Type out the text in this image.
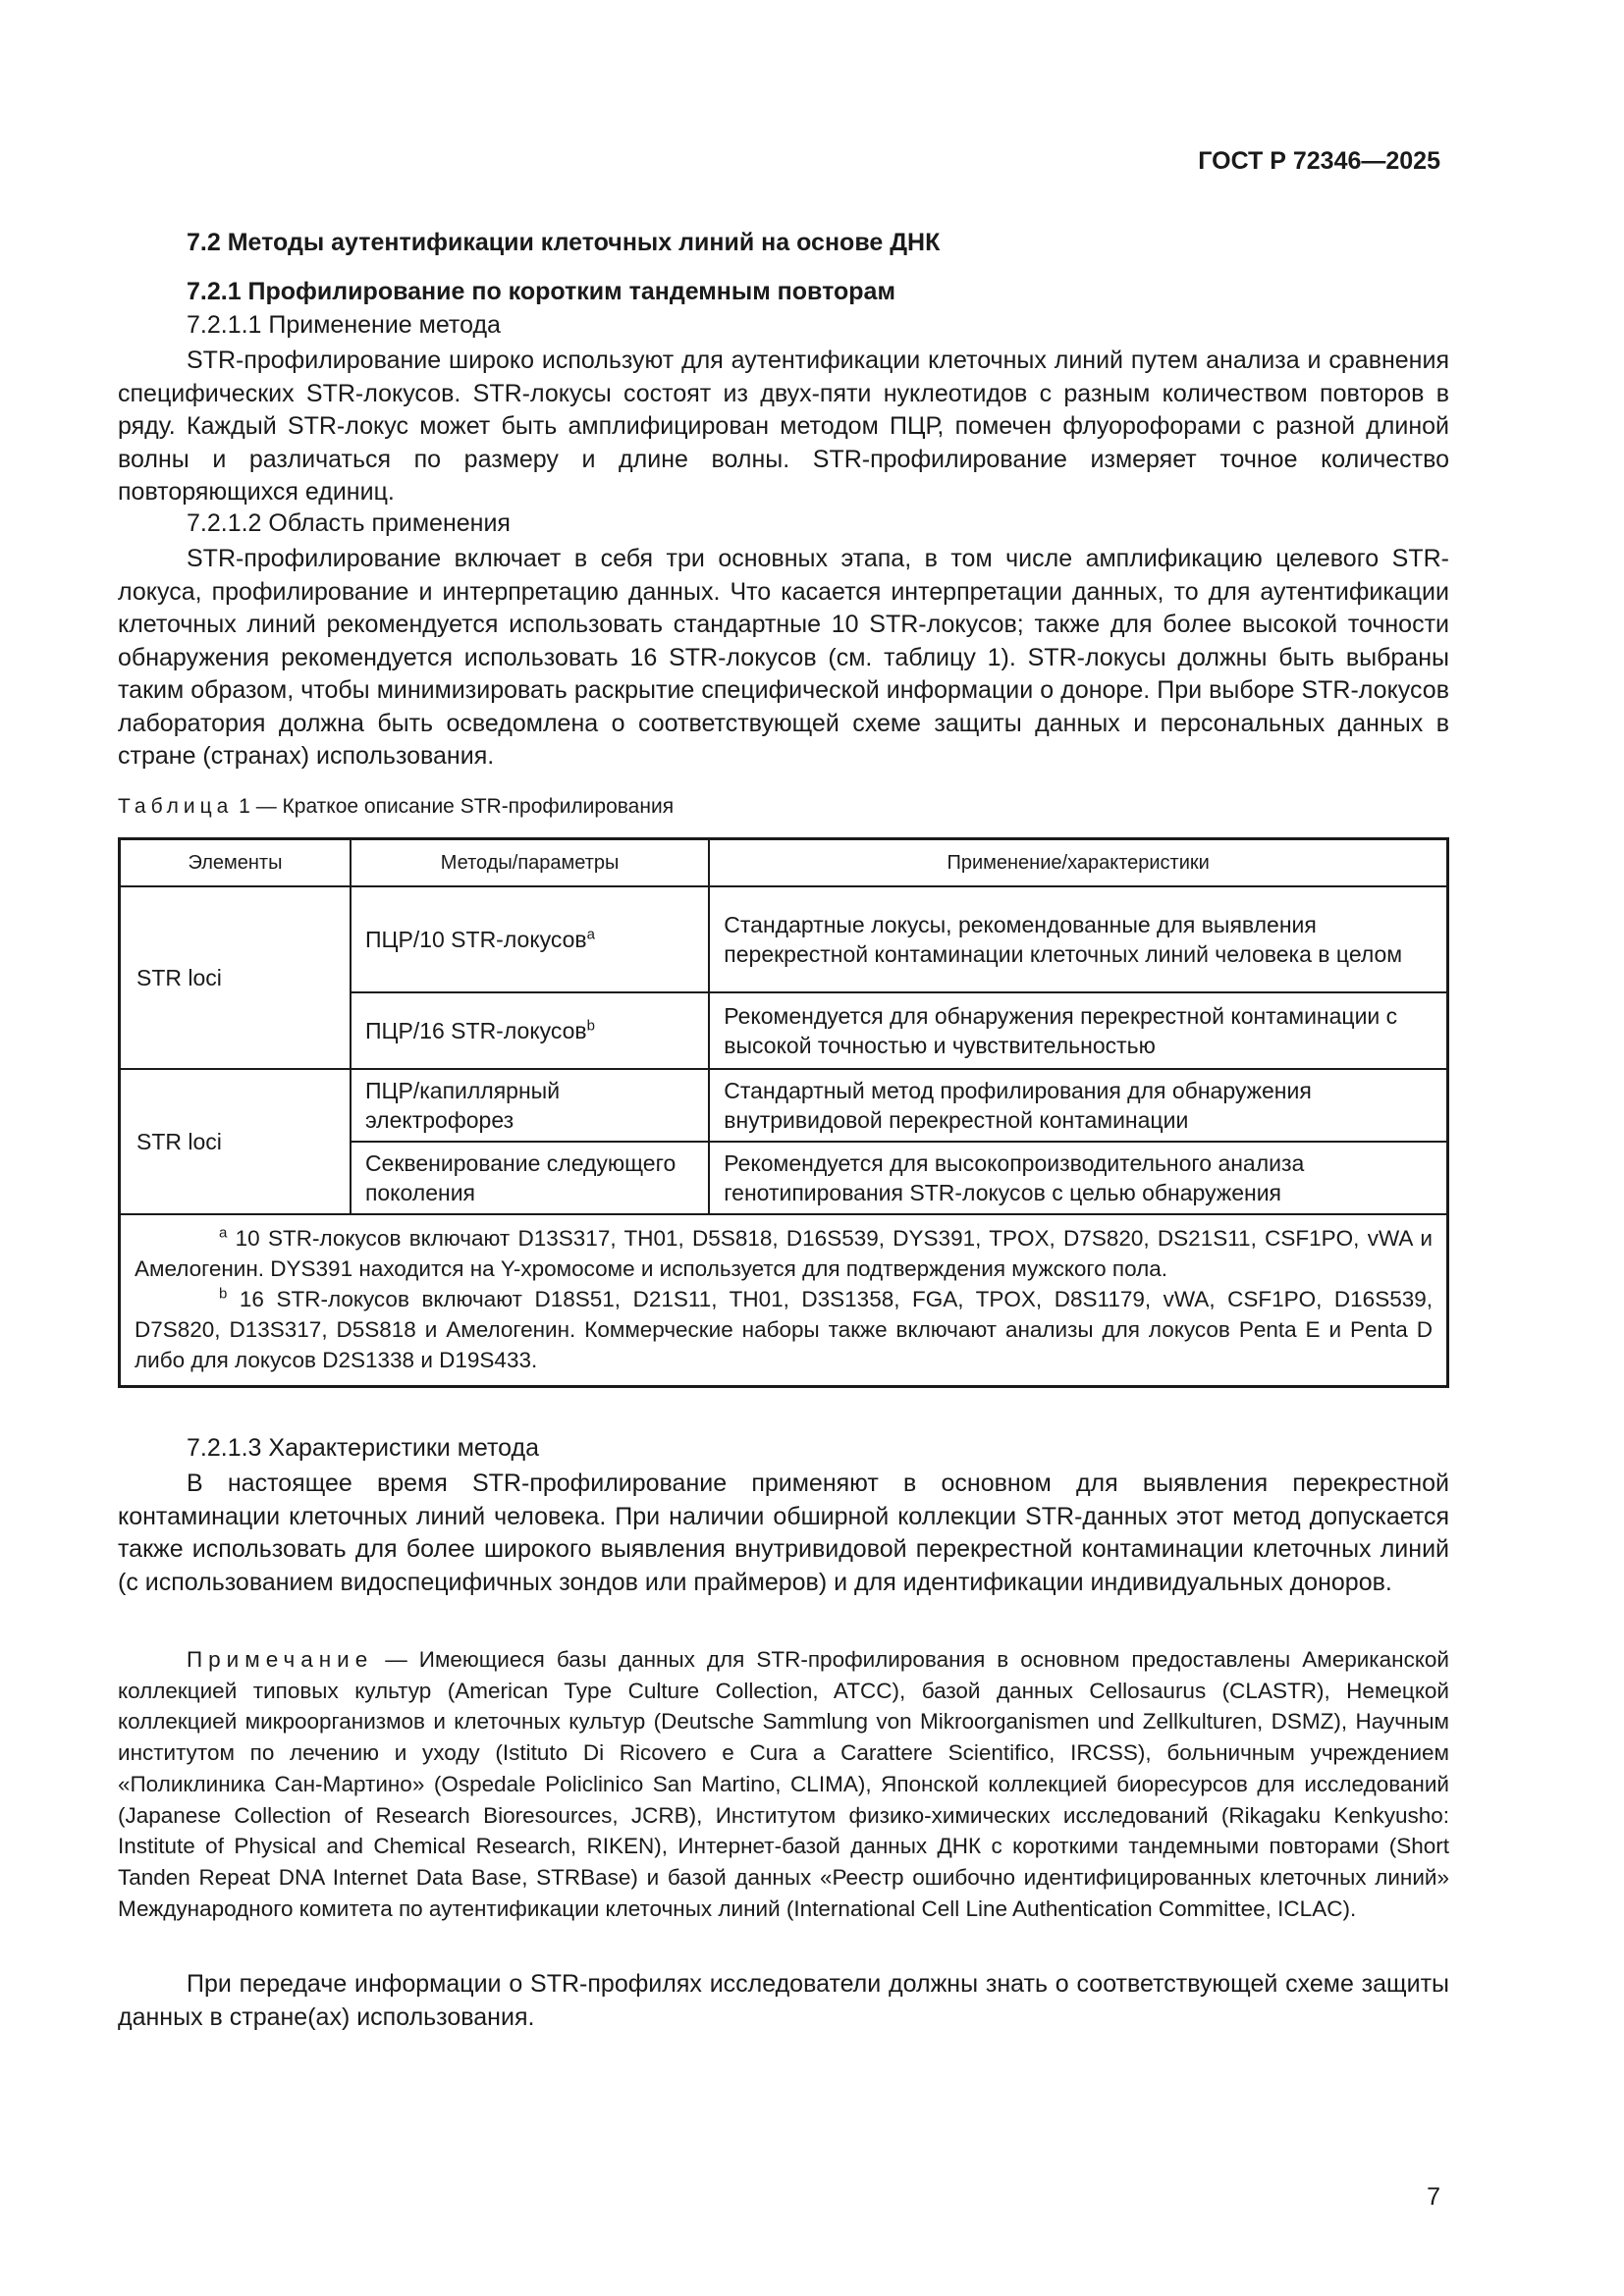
ГОСТ Р 72346—2025
7.2 Методы аутентификации клеточных линий на основе ДНК
7.2.1 Профилирование по коротким тандемным повторам
7.2.1.1 Применение метода

STR-профилирование широко используют для аутентификации клеточных линий путем анализа и сравнения специфических STR-локусов. STR-локусы состоят из двух-пяти нуклеотидов с разным количеством повторов в ряду. Каждый STR-локус может быть амплифицирован методом ПЦР, помечен флуорофорами с разной длиной волны и различаться по размеру и длине волны. STR-профилирование измеряет точное количество повторяющихся единиц.

7.2.1.2 Область применения

STR-профилирование включает в себя три основных этапа, в том числе амплификацию целевого STR-локуса, профилирование и интерпретацию данных. Что касается интерпретации данных, то для аутентификации клеточных линий рекомендуется использовать стандартные 10 STR-локусов; также для более высокой точности обнаружения рекомендуется использовать 16 STR-локусов (см. таблицу 1). STR-локусы должны быть выбраны таким образом, чтобы минимизировать раскрытие специфической информации о доноре. При выборе STR-локусов лаборатория должна быть осведомлена о соответствующей схеме защиты данных и персональных данных в стране (странах) использования.

Таблица 1 — Краткое описание STR-профилирования
Элементы	Методы/параметры	Применение/характеристики
STR loci	ПЦР/10 STR-локусов$^a$	Стандартные локусы, рекомендованные для выявления перекрестной контаминации клеточных линий человека в целом
	ПЦР/16 STR-локусов$^b$	Рекомендуется для обнаружения перекрестной контаминации с высокой точностью и чувствительностью
STR loci	ПЦР/капиллярный электрофорез	Стандартный метод профилирования для обнаружения внутривидовой перекрестной контаминации
	Секвенирование следующего поколения	Рекомендуется для высокопроизводительного анализа генотипирования STR-локусов с целью обнаружения

$^a$ 10 STR-локусов включают D13S317, TH01, D5S818, D16S539, DYS391, TPOX, D7S820, DS21S11, CSF1PO, vWA и Амелогенин. DYS391 находится на Y-хромосоме и используется для подтверждения мужского пола.
$^b$ 16 STR-локусов включают D18S51, D21S11, TH01, D3S1358, FGA, TPOX, D8S1179, vWA, CSF1PO, D16S539, D7S820, D13S317, D5S818 и Амелогенин. Коммерческие наборы также включают анализы для локусов Penta E и Penta D либо для локусов D2S1338 и D19S433.		
7.2.1.3 Характеристики метода

В настоящее время STR-профилирование применяют в основном для выявления перекрестной контаминации клеточных линий человека. При наличии обширной коллекции STR-данных этот метод допускается также использовать для более широкого выявления внутривидовой перекрестной контаминации клеточных линий (с использованием видоспецифичных зондов или праймеров) и для идентификации индивидуальных доноров.

Примечание — Имеющиеся базы данных для STR-профилирования в основном предоставлены Американской коллекцией типовых культур (American Type Culture Collection, ATCC), базой данных Cellosaurus (CLASTR), Немецкой коллекцией микроорганизмов и клеточных культур (Deutsche Sammlung von Mikroorganismen und Zellkulturen, DSMZ), Научным институтом по лечению и уходу (Istituto Di Ricovero e Cura a Carattere Scientifico, IRCSS), больничным учреждением «Поликлиника Сан-Мартино» (Ospedale Policlinico San Martino, CLIMA), Японской коллекцией биоресурсов для исследований (Japanese Collection of Research Bioresources, JCRB), Институтом физико-химических исследований (Rikagaku Kenkyusho: Institute of Physical and Chemical Research, RIKEN), Интернет-базой данных ДНК с короткими тандемными повторами (Short Tanden Repeat DNA Internet Data Base, STRBase) и базой данных «Реестр ошибочно идентифицированных клеточных линий» Международного комитета по аутентификации клеточных линий (International Cell Line Authentication Committee, ICLAC).

При передаче информации о STR-профилях исследователи должны знать о соответствующей схеме защиты данных в стране(ах) использования.

7
